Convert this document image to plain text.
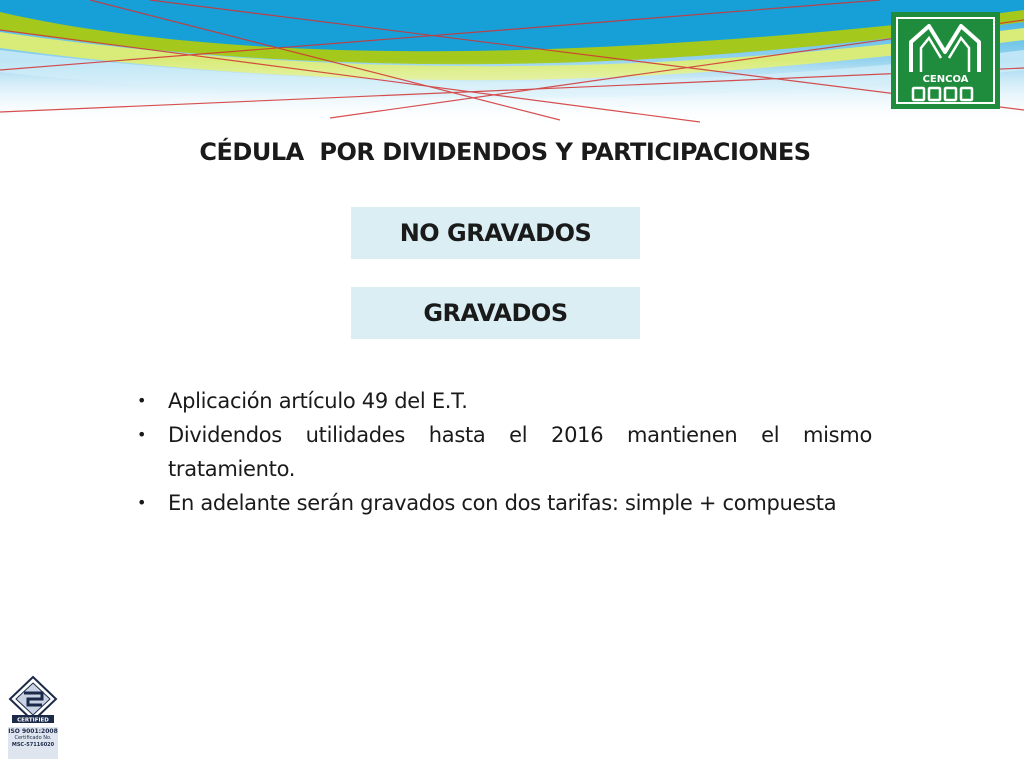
CENCOA
CÉDULA  POR DIVIDENDOS Y PARTICIPACIONES
NO GRAVADOS
GRAVADOS
• Aplicación artículo 49 del E.T.
• Dividendos utilidades hasta el 2016 mantienen el mismo tratamiento.
• En adelante serán gravados con dos tarifas: simple + compuesta
CERTIFIED
ISO 9001:2008
Certificado No.
MSC-57116020
